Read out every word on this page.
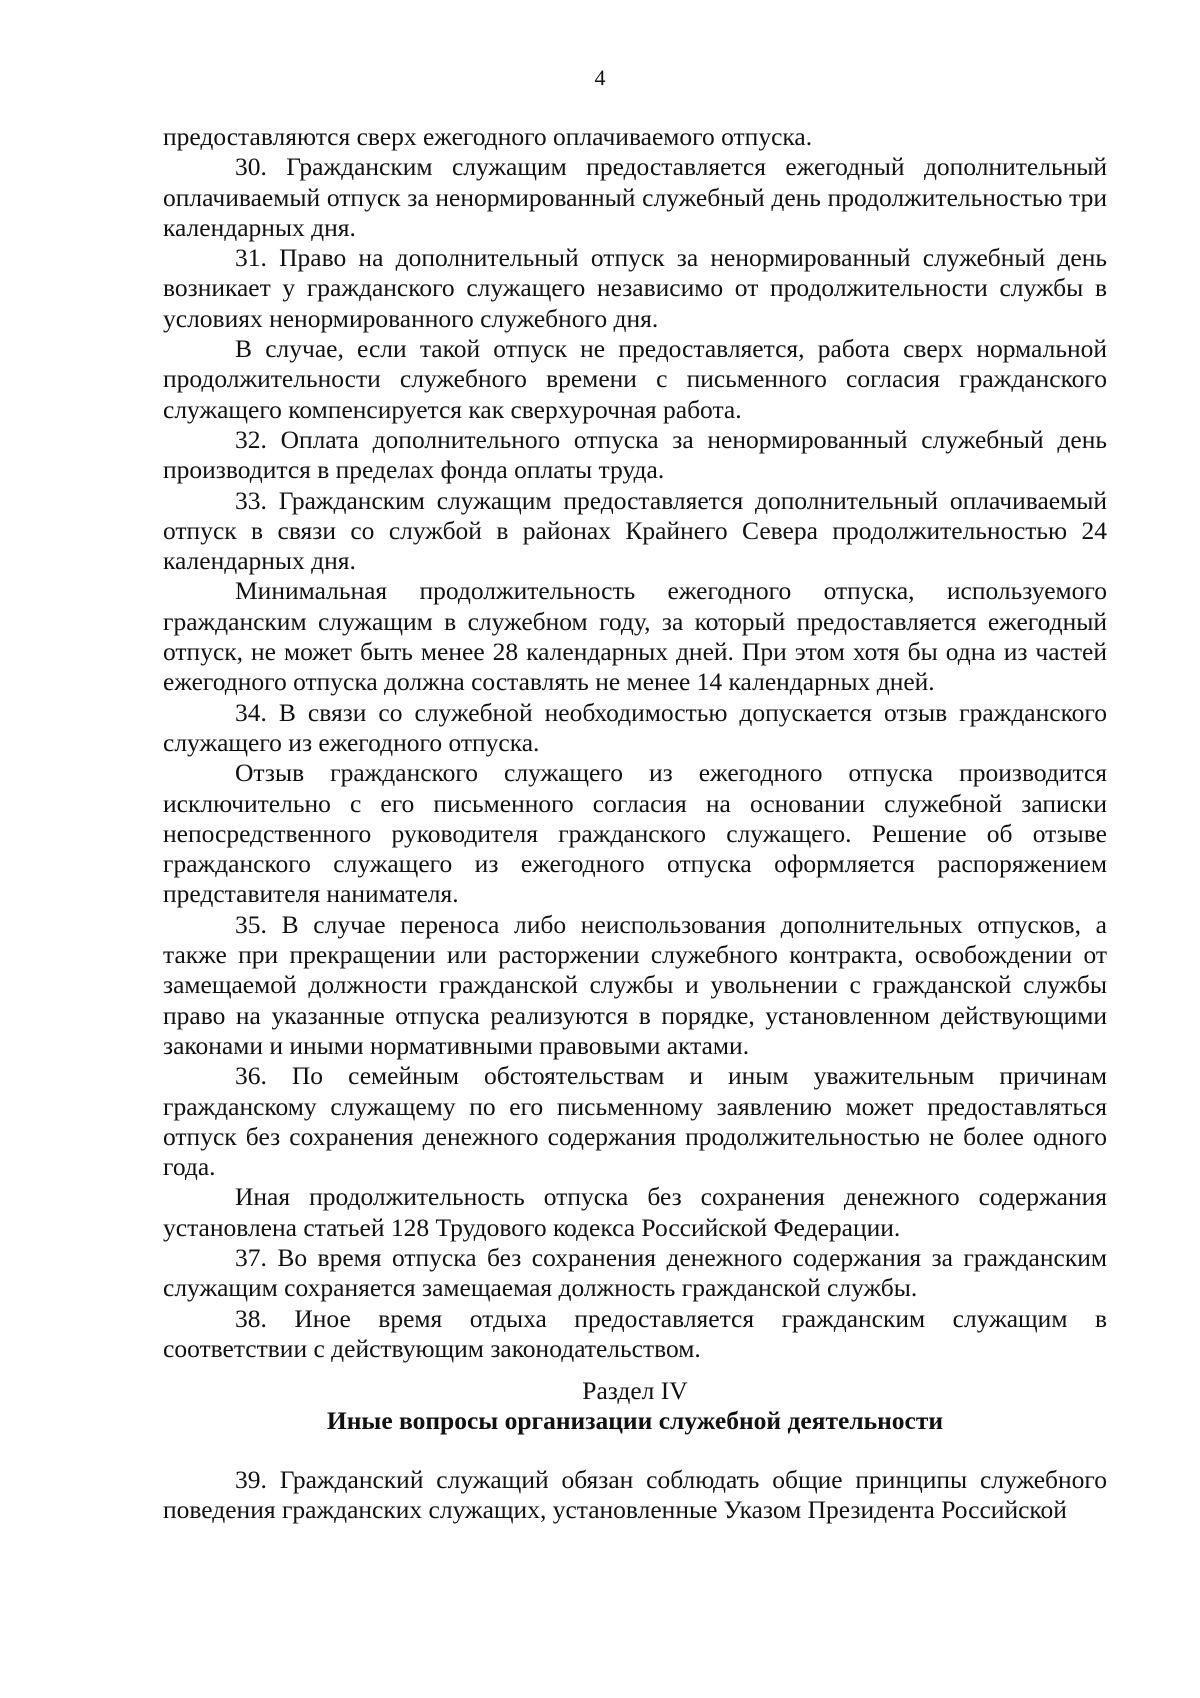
4

предоставляются сверх ежегодного оплачиваемого отпуска.

30. Гражданским служащим предоставляется ежегодный дополнительный оплачиваемый отпуск за ненормированный служебный день продолжительностью три календарных дня.

31. Право на дополнительный отпуск за ненормированный служебный день возникает у гражданского служащего независимо от продолжительности службы в условиях ненормированного служебного дня.

В случае, если такой отпуск не предоставляется, работа сверх нормальной продолжительности служебного времени с письменного согласия гражданского служащего компенсируется как сверхурочная работа.

32. Оплата дополнительного отпуска за ненормированный служебный день производится в пределах фонда оплаты труда.

33. Гражданским служащим предоставляется дополнительный оплачиваемый отпуск в связи со службой в районах Крайнего Севера продолжительностью 24 календарных дня.

Минимальная продолжительность ежегодного отпуска, используемого гражданским служащим в служебном году, за который предоставляется ежегодный отпуск, не может быть менее 28 календарных дней. При этом хотя бы одна из частей ежегодного отпуска должна составлять не менее 14 календарных дней.

34. В связи со служебной необходимостью допускается отзыв гражданского служащего из ежегодного отпуска.

Отзыв гражданского служащего из ежегодного отпуска производится исключительно с его письменного согласия на основании служебной записки непосредственного руководителя гражданского служащего. Решение об отзыве гражданского служащего из ежегодного отпуска оформляется распоряжением представителя нанимателя.

35. В случае переноса либо неиспользования дополнительных отпусков, а также при прекращении или расторжении служебного контракта, освобождении от замещаемой должности гражданской службы и увольнении с гражданской службы право на указанные отпуска реализуются в порядке, установленном действующими законами и иными нормативными правовыми актами.

36. По семейным обстоятельствам и иным уважительным причинам гражданскому служащему по его письменному заявлению может предоставляться отпуск без сохранения денежного содержания продолжительностью не более одного года.

Иная продолжительность отпуска без сохранения денежного содержания установлена статьей 128 Трудового кодекса Российской Федерации.

37. Во время отпуска без сохранения денежного содержания за гражданским служащим сохраняется замещаемая должность гражданской службы.

38. Иное время отдыха предоставляется гражданским служащим в соответствии с действующим законодательством.

Раздел IV

Иные вопросы организации служебной деятельности

39. Гражданский служащий обязан соблюдать общие принципы служебного поведения гражданских служащих, установленные Указом Президента Российской
